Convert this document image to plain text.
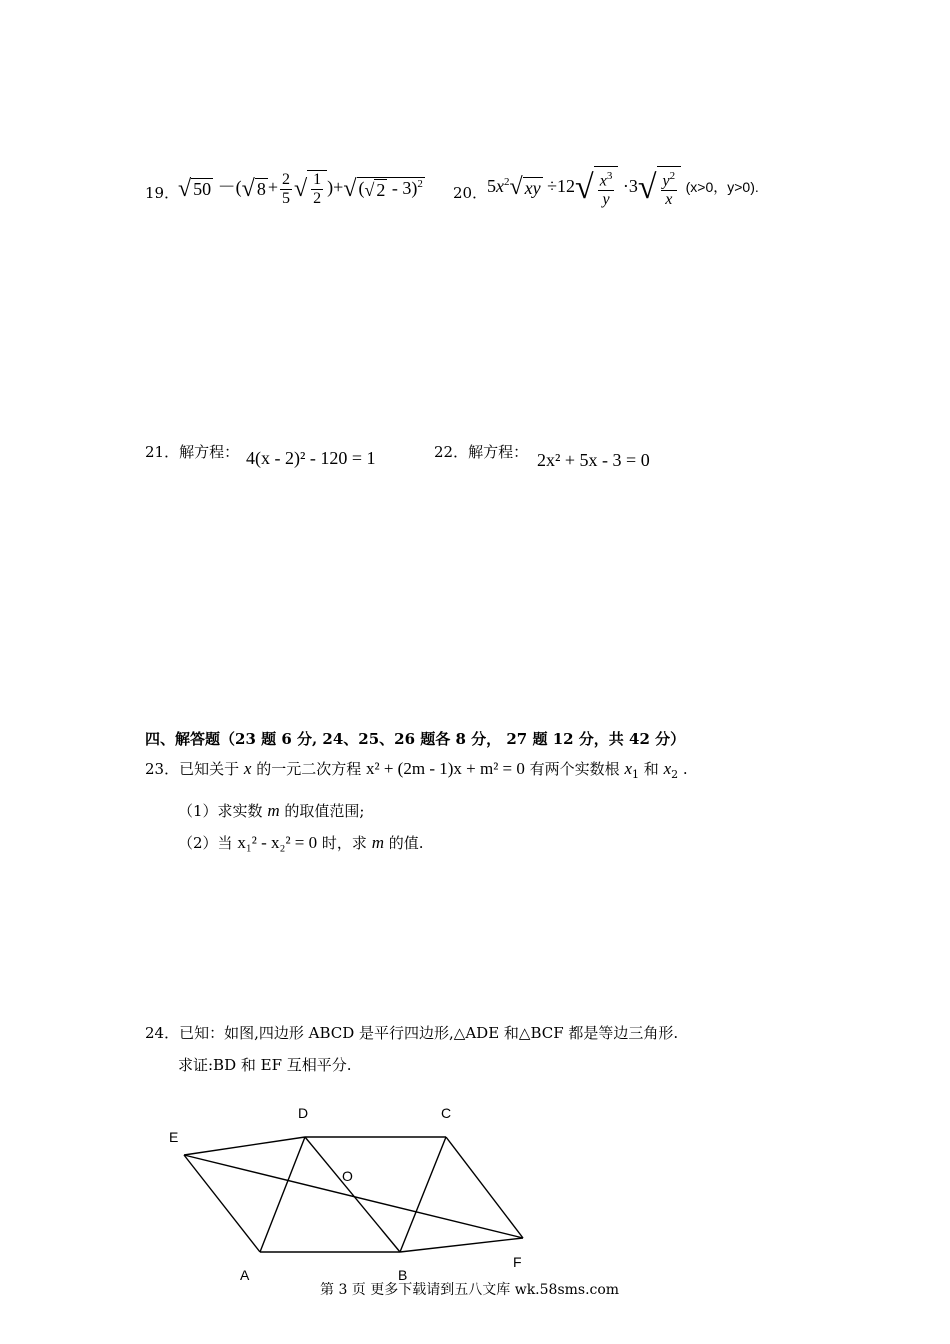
19．
√ 50 －(√ $8 + \frac{2}{5}$ √ $\frac{1}{2}$ )+√ (√ 2 - 3)$^2$
20． $5x^2√$ xy $\div 12√ \frac{x^3}{y} \cdot 3√ \frac{y^2}{x} (x>0$，y>0).
21．解方程： 4(x - 2)² - 120 = 1	22．解方程： 2x² + 5x - 3 = 0
四、解答题（23 题 6 分, 24、25、26 题各 8 分， 27 题 12 分，共 42 分）
23．已知关于 x 的一元二次方程 x² + (2m - 1)x + m² = 0 有两个实数根 $x_1$ 和 $x_2$ .
（1）求实数 m 的取值范围;
（2）当 x₁² - x₂² = 0 时，求 m 的值.
24．已知：如图,四边形 ABCD 是平行四边形,△ADE 和△BCF 都是等边三角形.
求证:BD 和 EF 互相平分.
D	C
E
O
A	B
F
第 3 页 更多下载请到五八文库 wk.58sms.com
